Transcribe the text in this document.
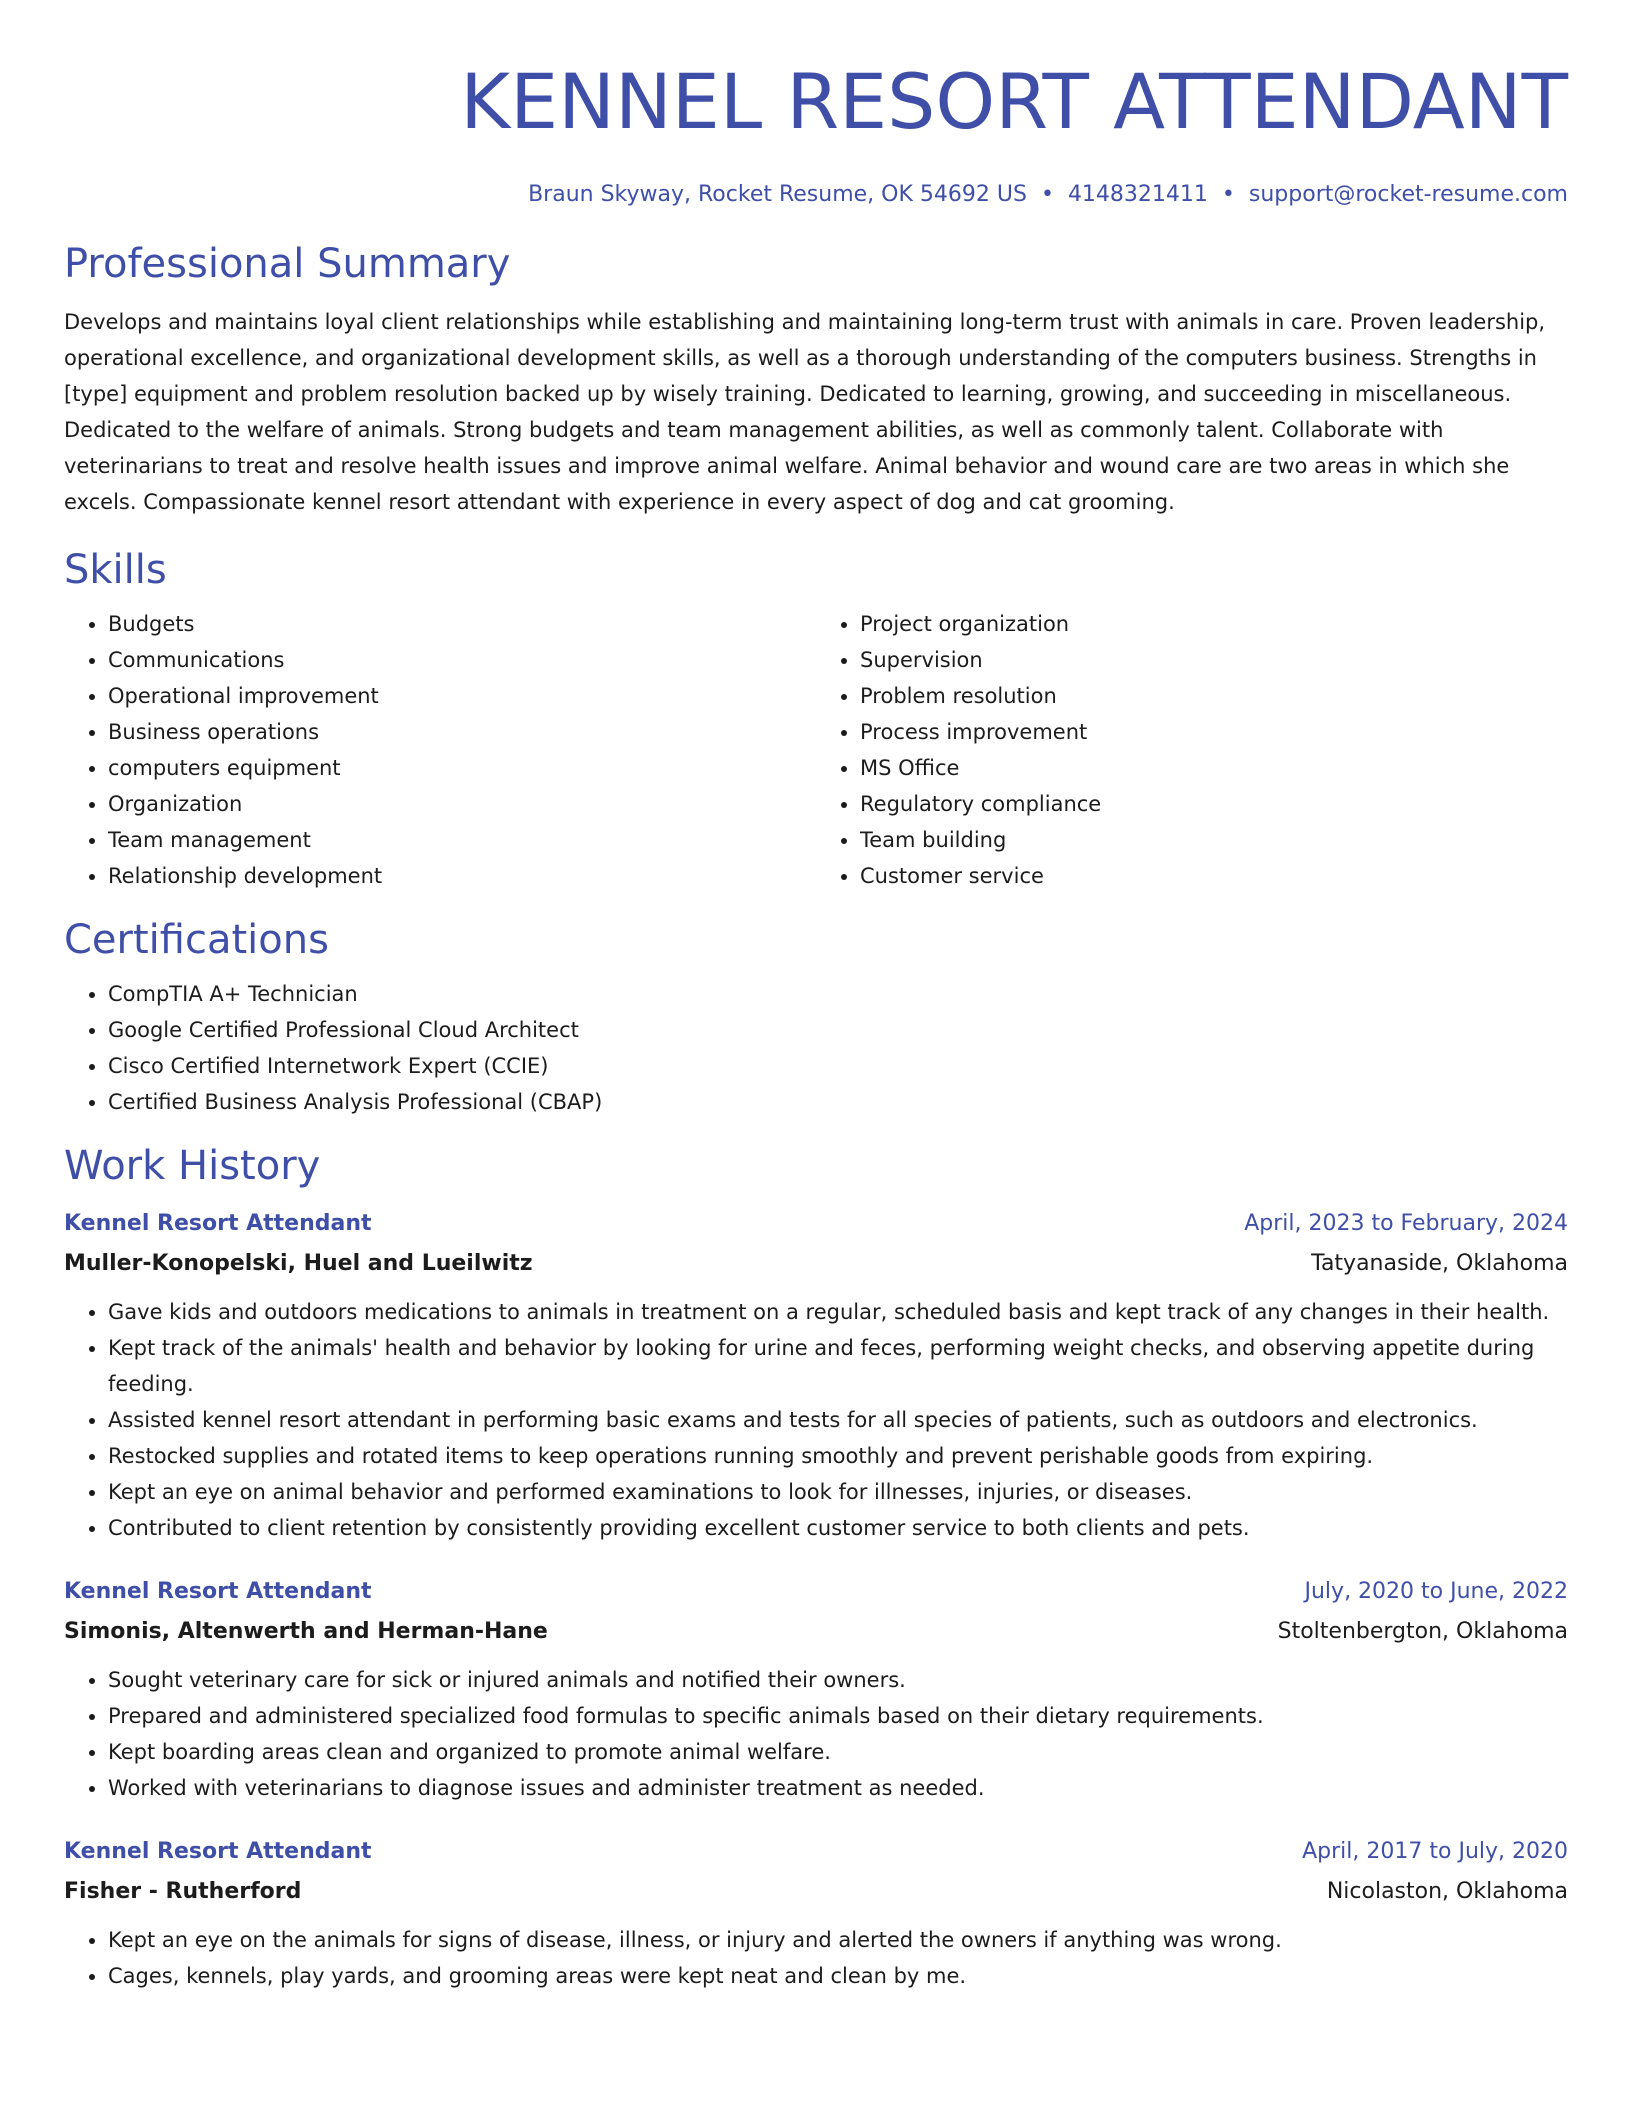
KENNEL RESORT ATTENDANT
Braun Skyway, Rocket Resume, OK 54692 US • 4148321411 • support@rocket-resume.com
Professional Summary

Develops and maintains loyal client relationships while establishing and maintaining long-term trust with animals in care. Proven leadership, operational excellence, and organizational development skills, as well as a thorough understanding of the computers business. Strengths in [type] equipment and problem resolution backed up by wisely training. Dedicated to learning, growing, and succeeding in miscellaneous. Dedicated to the welfare of animals. Strong budgets and team management abilities, as well as commonly talent. Collaborate with veterinarians to treat and resolve health issues and improve animal welfare. Animal behavior and wound care are two areas in which she excels. Compassionate kennel resort attendant with experience in every aspect of dog and cat grooming.

Skills
• Budgets
• Communications
• Operational improvement
• Business operations
• computers equipment
• Organization
• Team management
• Relationship development
• Project organization
• Supervision
• Problem resolution
• Process improvement
• MS Office
• Regulatory compliance
• Team building
• Customer service
Certifications
• CompTIA A+ Technician
• Google Certified Professional Cloud Architect
• Cisco Certified Internetwork Expert (CCIE)
• Certified Business Analysis Professional (CBAP)
Work History
Kennel Resort Attendant	April, 2023 to February, 2024
Muller-Konopelski, Huel and Lueilwitz	Tatyanaside, Oklahoma
• Gave kids and outdoors medications to animals in treatment on a regular, scheduled basis and kept track of any changes in their health.
• Kept track of the animals' health and behavior by looking for urine and feces, performing weight checks, and observing appetite during feeding.
• Assisted kennel resort attendant in performing basic exams and tests for all species of patients, such as outdoors and electronics.
• Restocked supplies and rotated items to keep operations running smoothly and prevent perishable goods from expiring.
• Kept an eye on animal behavior and performed examinations to look for illnesses, injuries, or diseases.
• Contributed to client retention by consistently providing excellent customer service to both clients and pets.
Kennel Resort Attendant	July, 2020 to June, 2022
Simonis, Altenwerth and Herman-Hane	Stoltenbergton, Oklahoma
• Sought veterinary care for sick or injured animals and notified their owners.
• Prepared and administered specialized food formulas to specific animals based on their dietary requirements.
• Kept boarding areas clean and organized to promote animal welfare.
• Worked with veterinarians to diagnose issues and administer treatment as needed.
Kennel Resort Attendant	April, 2017 to July, 2020
Fisher - Rutherford	Nicolaston, Oklahoma
• Kept an eye on the animals for signs of disease, illness, or injury and alerted the owners if anything was wrong.
• Cages, kennels, play yards, and grooming areas were kept neat and clean by me.
